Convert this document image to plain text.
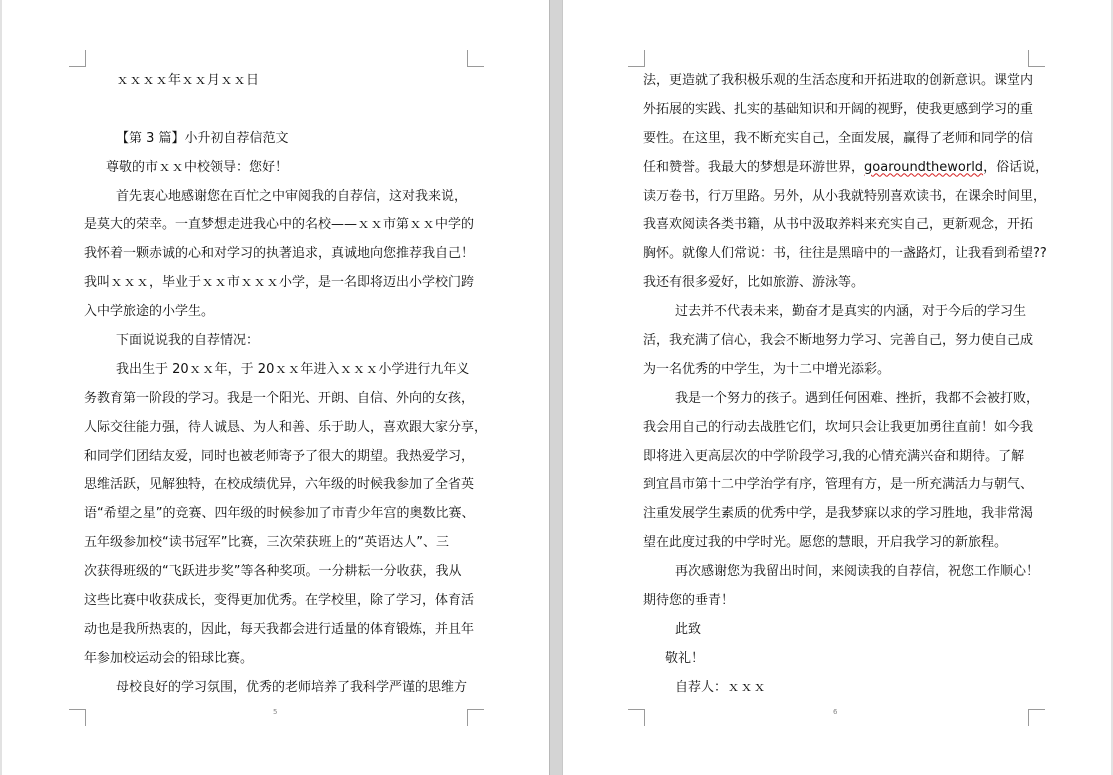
ｘｘｘｘ年ｘｘ月ｘｘ日
【第 3 篇】小升初自荐信范文
尊敬的市ｘｘ中校领导：您好！
首先衷心地感谢您在百忙之中审阅我的自荐信，这对我来说，
是莫大的荣幸。一直梦想走进我心中的名校——ｘｘ市第ｘｘ中学的
我怀着一颗赤诚的心和对学习的执著追求，真诚地向您推荐我自己！
我叫ｘｘｘ，毕业于ｘｘ市ｘｘｘ小学，是一名即将迈出小学校门跨
入中学旅途的小学生。
下面说说我的自荐情况：
我出生于 20ｘｘ年，于 20ｘｘ年进入ｘｘｘ小学进行九年义
务教育第一阶段的学习。我是一个阳光、开朗、自信、外向的女孩，
人际交往能力强，待人诚恳、为人和善、乐于助人，喜欢跟大家分享，
和同学们团结友爱，同时也被老师寄予了很大的期望。我热爱学习，
思维活跃，见解独特，在校成绩优异，六年级的时候我参加了全省英
语“希望之星”的竞赛、四年级的时候参加了市青少年宫的奥数比赛、
五年级参加校“读书冠军”比赛，三次荣获班上的“英语达人”、三
次获得班级的“飞跃进步奖”等各种奖项。一分耕耘一分收获，我从
这些比赛中收获成长，变得更加优秀。在学校里，除了学习，体育活
动也是我所热衷的，因此，每天我都会进行适量的体育锻炼，并且年
年参加校运动会的铅球比赛。
母校良好的学习氛围，优秀的老师培养了我科学严谨的思维方
5
法，更造就了我积极乐观的生活态度和开拓进取的创新意识。课堂内
外拓展的实践、扎实的基础知识和开阔的视野，使我更感到学习的重
要性。在这里，我不断充实自己，全面发展，赢得了老师和同学的信
任和赞誉。我最大的梦想是环游世界，goaroundtheworld，俗话说，
读万卷书，行万里路。另外，从小我就特别喜欢读书，在课余时间里，
我喜欢阅读各类书籍，从书中汲取养料来充实自己，更新观念，开拓
胸怀。就像人们常说：书，往往是黑暗中的一盏路灯，让我看到希望??
我还有很多爱好，比如旅游、游泳等。
过去并不代表未来，勤奋才是真实的内涵，对于今后的学习生
活，我充满了信心，我会不断地努力学习、完善自己，努力使自己成
为一名优秀的中学生，为十二中增光添彩。
我是一个努力的孩子。遇到任何困难、挫折，我都不会被打败，
我会用自己的行动去战胜它们，坎坷只会让我更加勇往直前！如今我
即将进入更高层次的中学阶段学习,我的心情充满兴奋和期待。了解
到宜昌市第十二中学治学有序，管理有方，是一所充满活力与朝气、
注重发展学生素质的优秀中学，是我梦寐以求的学习胜地，我非常渴
望在此度过我的中学时光。愿您的慧眼，开启我学习的新旅程。
再次感谢您为我留出时间，来阅读我的自荐信，祝您工作顺心！
期待您的垂青！
此致
敬礼！
自荐人：ｘｘｘ
6
